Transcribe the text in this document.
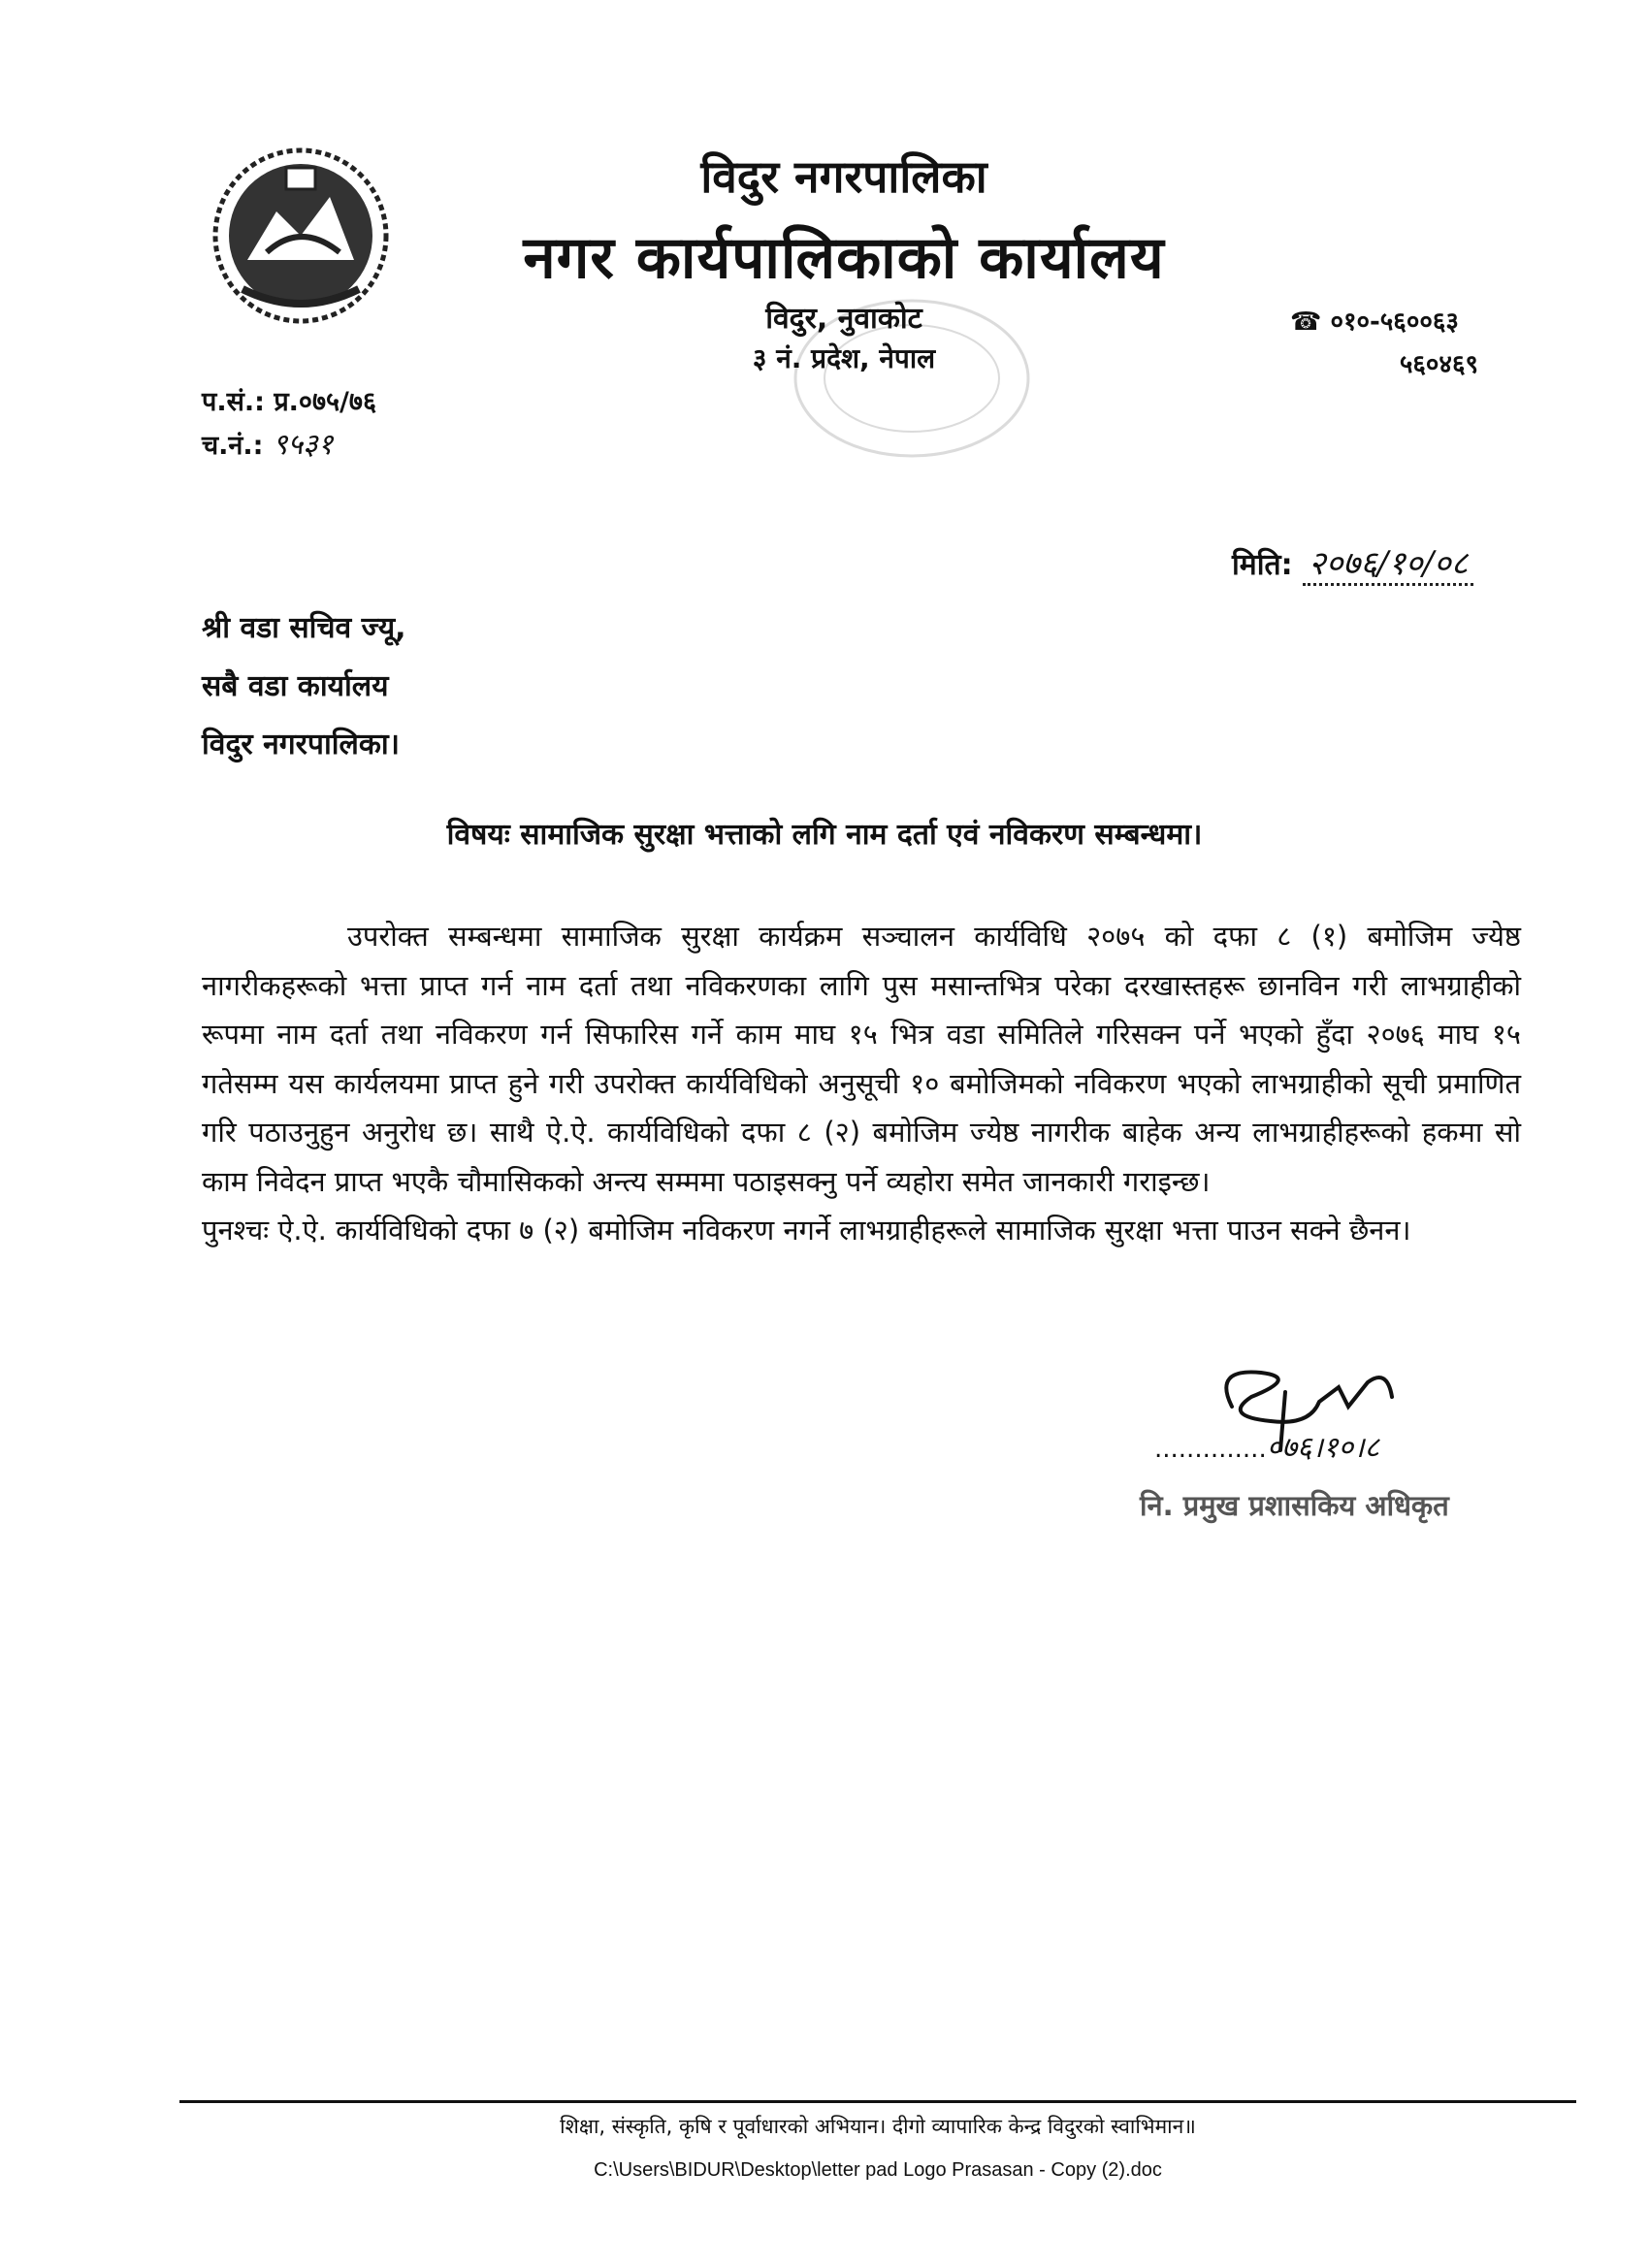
विदुर नगरपालिका
नगर कार्यपालिकाको कार्यालय
विदुर, नुवाकोट
३ नं. प्रदेश, नेपाल
☎ ०१०-५६००६३
५६०४६९
प.सं.: प्र.०७५/७६
च.नं.: ९५३१
मिति: २०७६/१०/०८
श्री वडा सचिव ज्यू,
सबै वडा कार्यालय
विदुर नगरपालिका।
विषयः सामाजिक सुरक्षा भत्ताको लगि नाम दर्ता एवं नविकरण सम्बन्धमा।

उपरोक्त सम्बन्धमा सामाजिक सुरक्षा कार्यक्रम सञ्चालन कार्यविधि २०७५ को दफा ८ (१) बमोजिम ज्येष्ठ नागरीकहरूको भत्ता प्राप्त गर्न नाम दर्ता तथा नविकरणका लागि पुस मसान्तभित्र परेका दरखास्तहरू छानविन गरी लाभग्राहीको रूपमा नाम दर्ता तथा नविकरण गर्न सिफारिस गर्ने काम माघ १५ भित्र वडा समितिले गरिसक्न पर्ने भएको हुँदा २०७६ माघ १५ गतेसम्म यस कार्यलयमा प्राप्त हुने गरी उपरोक्त कार्यविधिको अनुसूची १० बमोजिमको नविकरण भएको लाभग्राहीको सूची प्रमाणित गरि पठाउनुहुन अनुरोध छ। साथै ऐ.ऐ. कार्यविधिको दफा ८ (२) बमोजिम ज्येष्ठ नागरीक बाहेक अन्य लाभग्राहीहरूको हकमा सो काम निवेदन प्राप्त भएकै चौमासिकको अन्त्य सम्ममा पठाइसक्नु पर्ने व्यहोरा समेत जानकारी गराइन्छ।

पुनश्चः ऐ.ऐ. कार्यविधिको दफा ७ (२) बमोजिम नविकरण नगर्ने लाभग्राहीहरूले सामाजिक सुरक्षा भत्ता पाउन सक्ने छैनन।

..............०७६।१०।८
नि. प्रमुख प्रशासकिय अधिकृत
शिक्षा, संस्कृति, कृषि र पूर्वाधारको अभियान। दीगो व्यापारिक केन्द्र विदुरको स्वाभिमान॥
C:\Users\BIDUR\Desktop\letter pad Logo Prasasan - Copy (2).doc
